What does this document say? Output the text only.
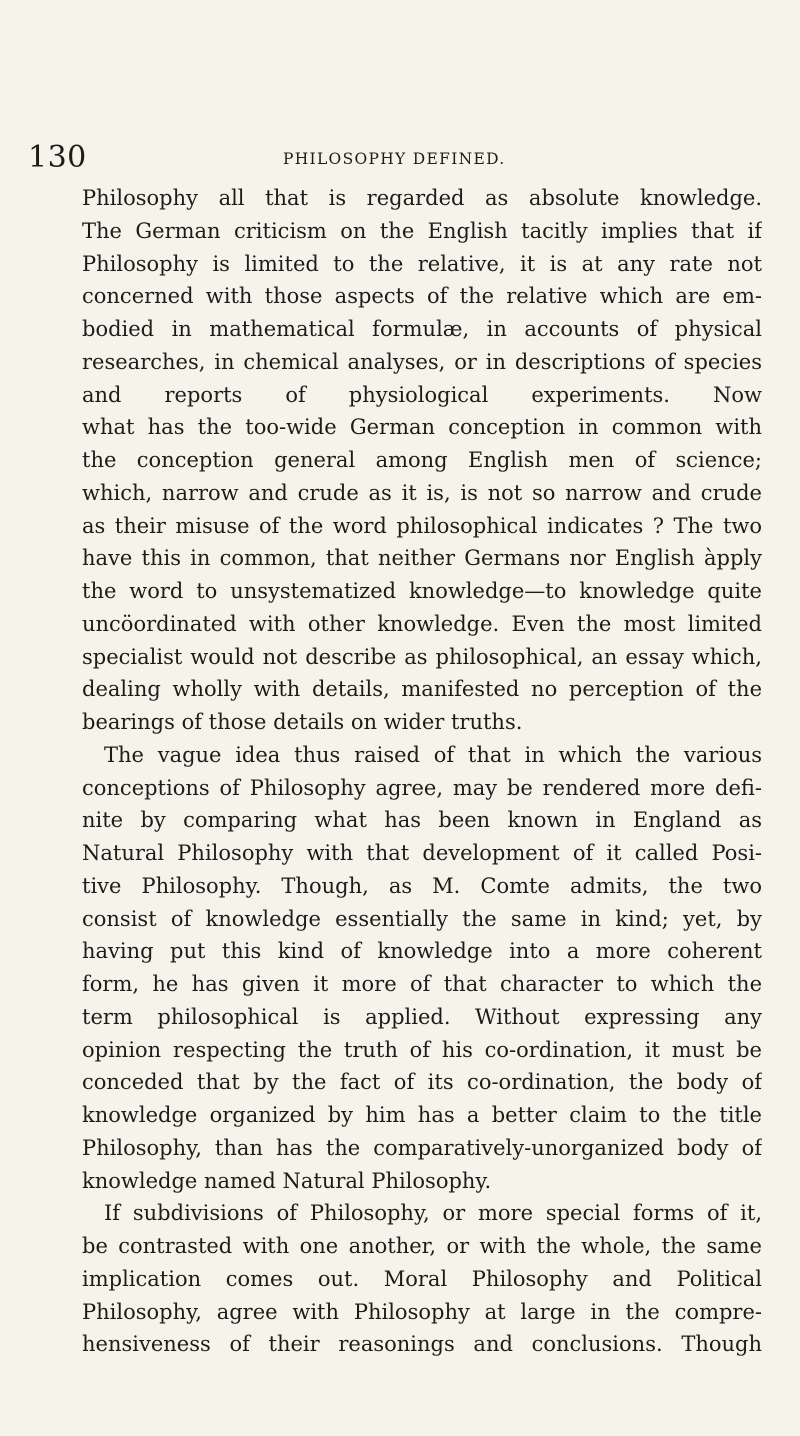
130	PHILOSOPHY DEFINED.
Philosophy all that is regarded as absolute knowledge.
The German criticism on the English tacitly implies that if
Philosophy is limited to the relative, it is at any rate not
concerned with those aspects of the relative which are em-
bodied in mathematical formulæ, in accounts of physical
researches, in chemical analyses, or in descriptions of species
and reports of physiological experiments. Now
what has the too-wide German conception in common with
the conception general among English men of science;
which, narrow and crude as it is, is not so narrow and crude
as their misuse of the word philosophical indicates ? The two
have this in common, that neither Germans nor English àpply
the word to unsystematized knowledge—to knowledge quite
uncöordinated with other knowledge. Even the most limited
specialist would not describe as philosophical, an essay which,
dealing wholly with details, manifested no perception of the
bearings of those details on wider truths.
The vague idea thus raised of that in which the various
conceptions of Philosophy agree, may be rendered more defi-
nite by comparing what has been known in England as
Natural Philosophy with that development of it called Posi-
tive Philosophy. Though, as M. Comte admits, the two
consist of knowledge essentially the same in kind; yet, by
having put this kind of knowledge into a more coherent
form, he has given it more of that character to which the
term philosophical is applied. Without expressing any
opinion respecting the truth of his co-ordination, it must be
conceded that by the fact of its co-ordination, the body of
knowledge organized by him has a better claim to the title
Philosophy, than has the comparatively-unorganized body of
knowledge named Natural Philosophy.
If subdivisions of Philosophy, or more special forms of it,
be contrasted with one another, or with the whole, the same
implication comes out. Moral Philosophy and Political
Philosophy, agree with Philosophy at large in the compre-
hensiveness of their reasonings and conclusions. Though
